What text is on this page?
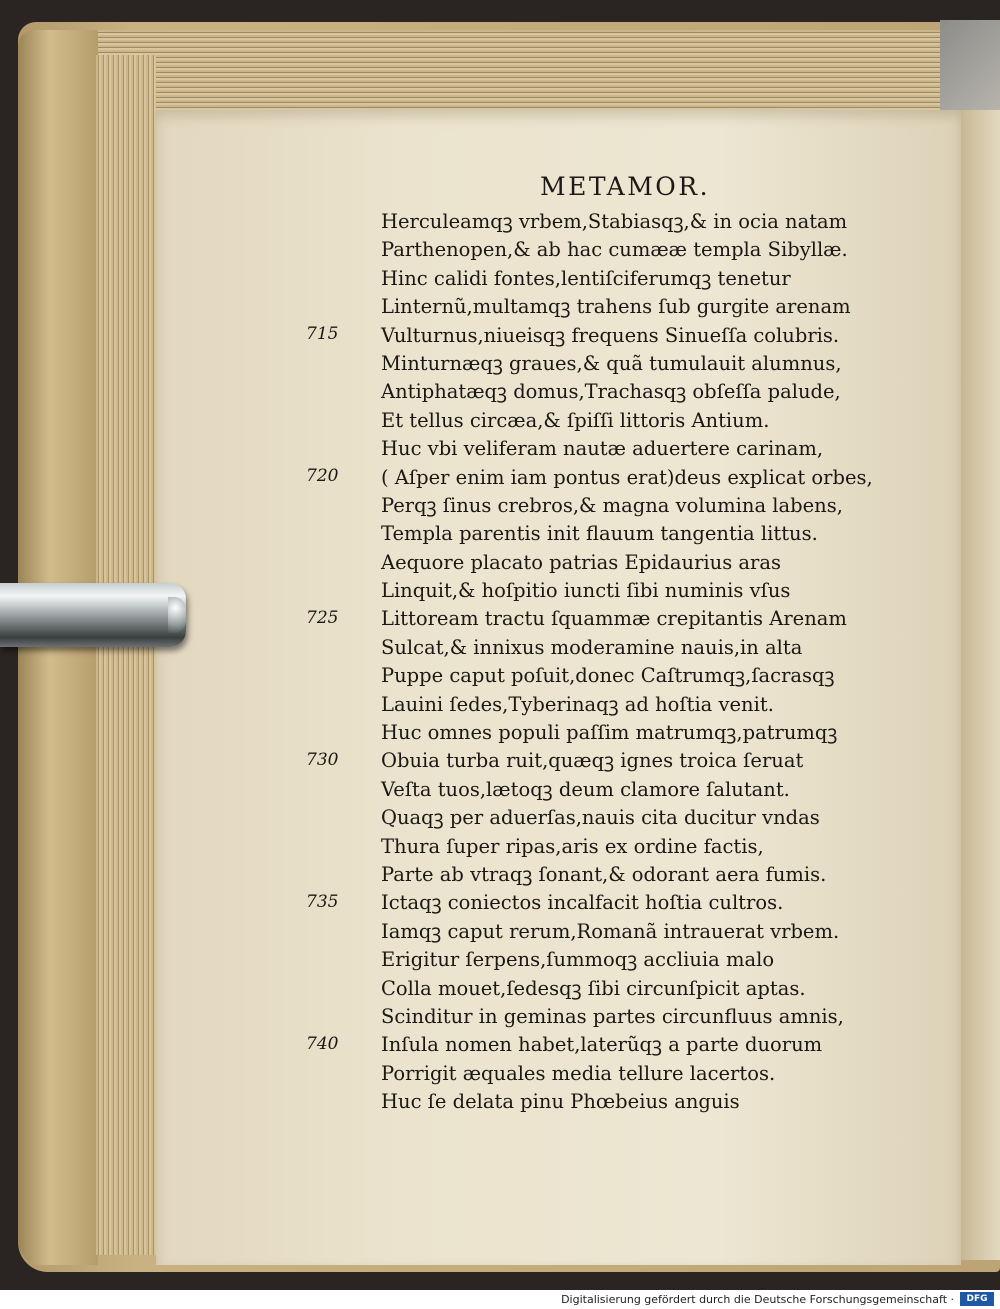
METAMOR.
Herculeamqꝫ vrbem,Stabiasqꝫ,& in ocia natam
Parthenopen,& ab hac cumææ templa Sibyllæ.
Hinc calidi fontes,lentiſciferumqꝫ tenetur
Linternũ,multamqꝫ trahens ſub gurgite arenam
Vulturnus,niueisqꝫ frequens Sinueſſa colubris.
Minturnæqꝫ graues,& quã tumulauit alumnus,
Antiphatæqꝫ domus,Trachasqꝫ obſeſſa palude,
Et tellus circæa,& ſpiſſi littoris Antium.
Huc vbi veliferam nautæ aduertere carinam,
( Aſper enim iam pontus erat)deus explicat orbes,
Perqꝫ ſinus crebros,& magna volumina labens,
Templa parentis init flauum tangentia littus.
Aequore placato patrias Epidaurius aras
Linquit,& hoſpitio iuncti ſibi numinis vſus
Littoream tractu ſquammæ crepitantis Arenam
Sulcat,& innixus moderamine nauis,in alta
Puppe caput poſuit,donec Caſtrumqꝫ,ſacrasqꝫ
Lauini ſedes,Tyberinaqꝫ ad hoſtia venit.
Huc omnes populi paſſim matrumqꝫ,patrumqꝫ
Obuia turba ruit,quæqꝫ ignes troica ſeruat
Veſta tuos,lætoqꝫ deum clamore ſalutant.
Quaqꝫ per aduerſas,nauis cita ducitur vndas
Thura ſuper ripas,aris ex ordine factis,
Parte ab vtraqꝫ ſonant,& odorant aera fumis.
Ictaqꝫ coniectos incalfacit hoſtia cultros.
Iamqꝫ caput rerum,Romanã intrauerat vrbem.
Erigitur ſerpens,ſummoqꝫ accliuia malo
Colla mouet,ſedesqꝫ ſibi circunſpicit aptas.
Scinditur in geminas partes circunfluus amnis,
Inſula nomen habet,laterũqꝫ a parte duorum
Porrigit æquales media tellure lacertos.
Huc ſe delata pinu Phœbeius anguis
715
720
725
730
735
740
Digitalisierung gefördert durch die Deutsche Forschungsgemeinschaft ·	DFG
